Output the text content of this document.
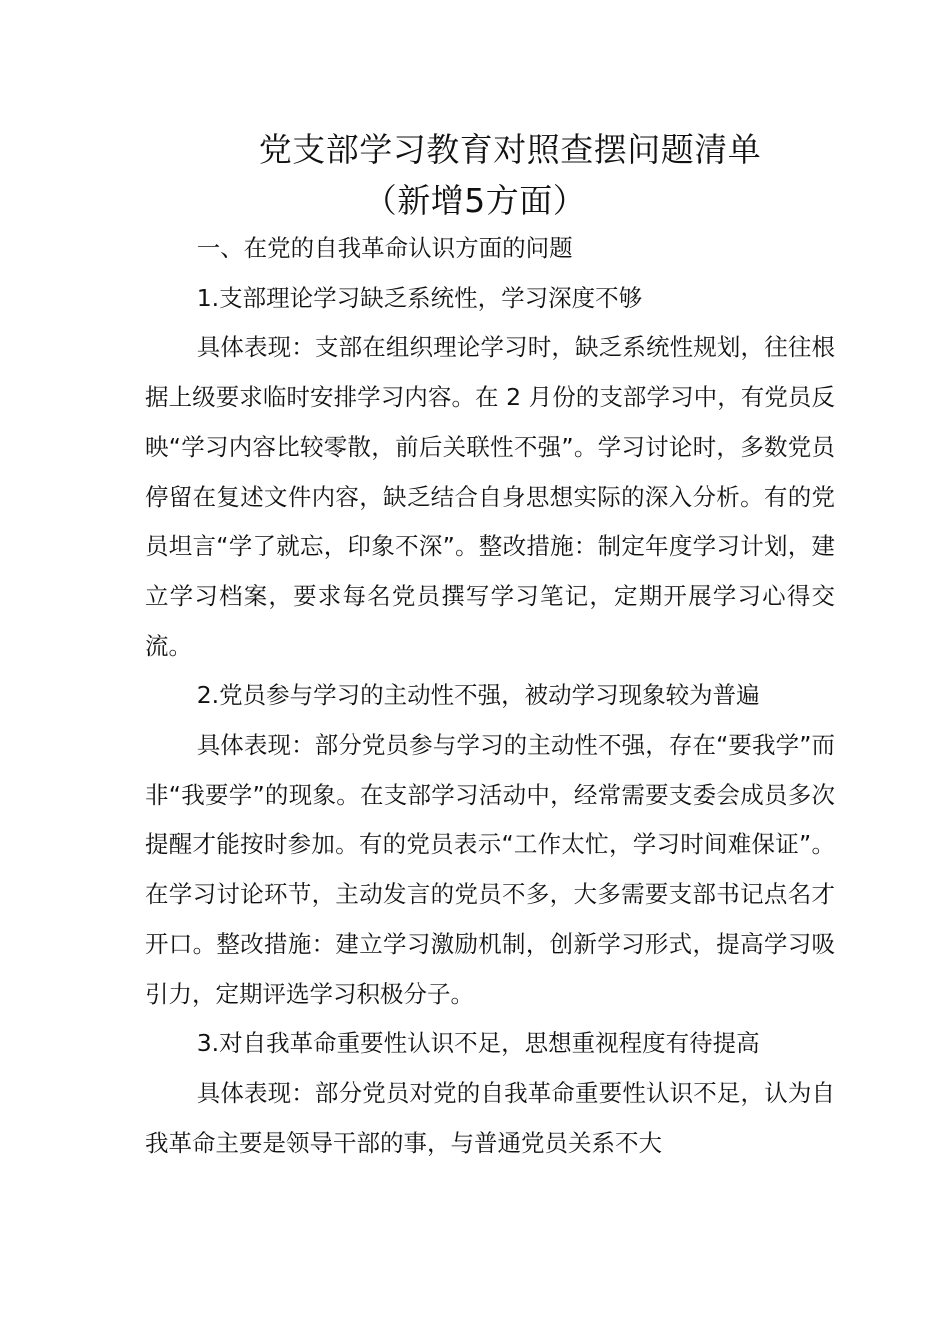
党支部学习教育对照查摆问题清单
（新增5方面）

一、在党的自我革命认识方面的问题

1.支部理论学习缺乏系统性，学习深度不够

具体表现：支部在组织理论学习时，缺乏系统性规划，往往根据上级要求临时安排学习内容。在 2 月份的支部学习中，有党员反映“学习内容比较零散，前后关联性不强”。学习讨论时，多数党员停留在复述文件内容，缺乏结合自身思想实际的深入分析。有的党员坦言“学了就忘，印象不深”。整改措施：制定年度学习计划，建立学习档案，要求每名党员撰写学习笔记，定期开展学习心得交流。

2.党员参与学习的主动性不强，被动学习现象较为普遍

具体表现：部分党员参与学习的主动性不强，存在“要我学”而非“我要学”的现象。在支部学习活动中，经常需要支委会成员多次提醒才能按时参加。有的党员表示“工作太忙，学习时间难保证”。在学习讨论环节，主动发言的党员不多，大多需要支部书记点名才开口。整改措施：建立学习激励机制，创新学习形式，提高学习吸引力，定期评选学习积极分子。

3.对自我革命重要性认识不足，思想重视程度有待提高

具体表现：部分党员对党的自我革命重要性认识不足，认为自我革命主要是领导干部的事，与普通党员关系不大
